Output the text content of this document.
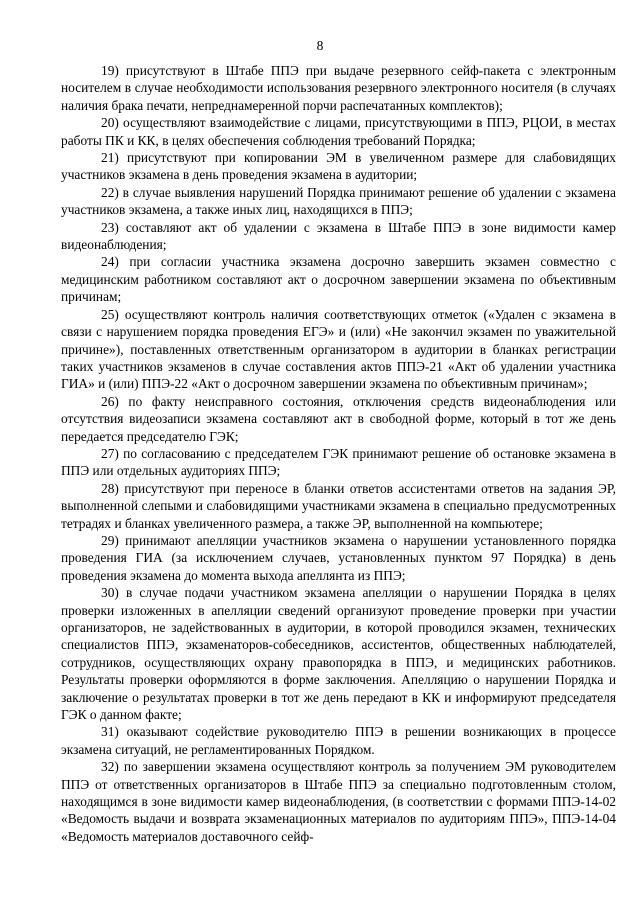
8

19) присутствуют в Штабе ППЭ при выдаче резервного сейф-пакета с электронным носителем в случае необходимости использования резервного электронного носителя (в случаях наличия брака печати, непреднамеренной порчи распечатанных комплектов);

20) осуществляют взаимодействие с лицами, присутствующими в ППЭ, РЦОИ, в местах работы ПК и КК, в целях обеспечения соблюдения требований Порядка;

21) присутствуют при копировании ЭМ в увеличенном размере для слабовидящих участников экзамена в день проведения экзамена в аудитории;

22) в случае выявления нарушений Порядка принимают решение об удалении с экзамена участников экзамена, а также иных лиц, находящихся в ППЭ;

23) составляют акт об удалении с экзамена в Штабе ППЭ в зоне видимости камер видеонаблюдения;

24) при согласии участника экзамена досрочно завершить экзамен совместно с медицинским работником составляют акт о досрочном завершении экзамена по объективным причинам;

25) осуществляют контроль наличия соответствующих отметок («Удален с экзамена в связи с нарушением порядка проведения ЕГЭ» и (или) «Не закончил экзамен по уважительной причине»), поставленных ответственным организатором в аудитории в бланках регистрации таких участников экзаменов в случае составления актов ППЭ-21 «Акт об удалении участника ГИА» и (или) ППЭ-22 «Акт о досрочном завершении экзамена по объективным причинам»;

26) по факту неисправного состояния, отключения средств видеонаблюдения или отсутствия видеозаписи экзамена составляют акт в свободной форме, который в тот же день передается председателю ГЭК;

27) по согласованию с председателем ГЭК принимают решение об остановке экзамена в ППЭ или отдельных аудиториях ППЭ;

28) присутствуют при переносе в бланки ответов ассистентами ответов на задания ЭР, выполненной слепыми и слабовидящими участниками экзамена в специально предусмотренных тетрадях и бланках увеличенного размера, а также ЭР, выполненной на компьютере;

29) принимают апелляции участников экзамена о нарушении установленного порядка проведения ГИА (за исключением случаев, установленных пунктом 97 Порядка) в день проведения экзамена до момента выхода апеллянта из ППЭ;

30) в случае подачи участником экзамена апелляции о нарушении Порядка в целях проверки изложенных в апелляции сведений организуют проведение проверки при участии организаторов, не задействованных в аудитории, в которой проводился экзамен, технических специалистов ППЭ, экзаменаторов-собеседников, ассистентов, общественных наблюдателей, сотрудников, осуществляющих охрану правопорядка в ППЭ, и медицинских работников. Результаты проверки оформляются в форме заключения. Апелляцию о нарушении Порядка и заключение о результатах проверки в тот же день передают в КК и информируют председателя ГЭК о данном факте;

31) оказывают содействие руководителю ППЭ в решении возникающих в процессе экзамена ситуаций, не регламентированных Порядком.

32) по завершении экзамена осуществляют контроль за получением ЭМ руководителем ППЭ от ответственных организаторов в Штабе ППЭ за специально подготовленным столом, находящимся в зоне видимости камер видеонаблюдения, (в соответствии с формами ППЭ-14-02 «Ведомость выдачи и возврата экзаменационных материалов по аудиториям ППЭ», ППЭ-14-04 «Ведомость материалов доставочного сейф-
